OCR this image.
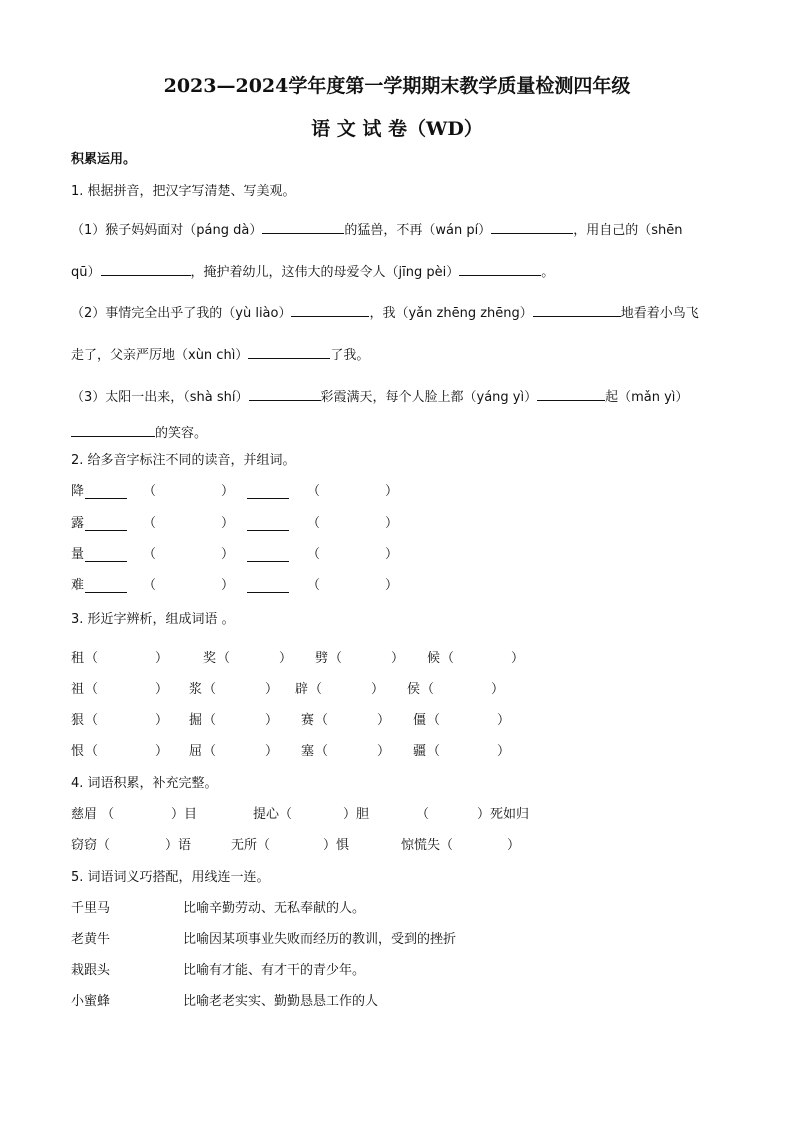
2023—2024学年度第一学期期末教学质量检测四年级
语 文 试 卷（WD）
积累运用。
1. 根据拼音，把汉字写清楚、写美观。
（1）猴子妈妈面对（páng dà）	的猛兽，不再（wán pí）	，用自己的（shēn
qū）	，掩护着幼儿，这伟大的母爱令人（jīng pèi）	。
（2）事情完全出乎了我的（yù liào）	，我（yǎn zhēng zhēng）	地看着小鸟飞
走了，父亲严厉地（xùn chì）	了我。
（3）太阳一出来，（shà shí）	彩霞满天，每个人脸上都（yáng yì）	起（mǎn yì）
的笑容。
2. 给多音字标注不同的读音，并组词。
降	（	）	（	）
露	（	）	（	）
量	（	）	（	）
难	（	）	（	）
3. 形近字辨析，组成词语 。
租 （	）	奖 （	） 劈 （	） 候 （	）
祖 （	） 浆 （	） 辟 （	） 侯 （	）
狠 （	） 掘 （	） 赛 （	） 僵 （	）
恨 （	） 屈 （	） 塞 （	） 疆 （	）
4. 词语积累，补充完整。
慈眉 （	）目	提心（	）胆	（	）死如归
窃窃（	）语	无所（	）惧	惊慌失（	）
5. 词语词义巧搭配，用线连一连。
千里马	比喻辛勤劳动、无私奉献的人。
老黄牛	比喻因某项事业失败而经历的教训，受到的挫折
栽跟头	比喻有才能、有才干的青少年。
小蜜蜂	比喻老老实实、勤勤恳恳工作的人
